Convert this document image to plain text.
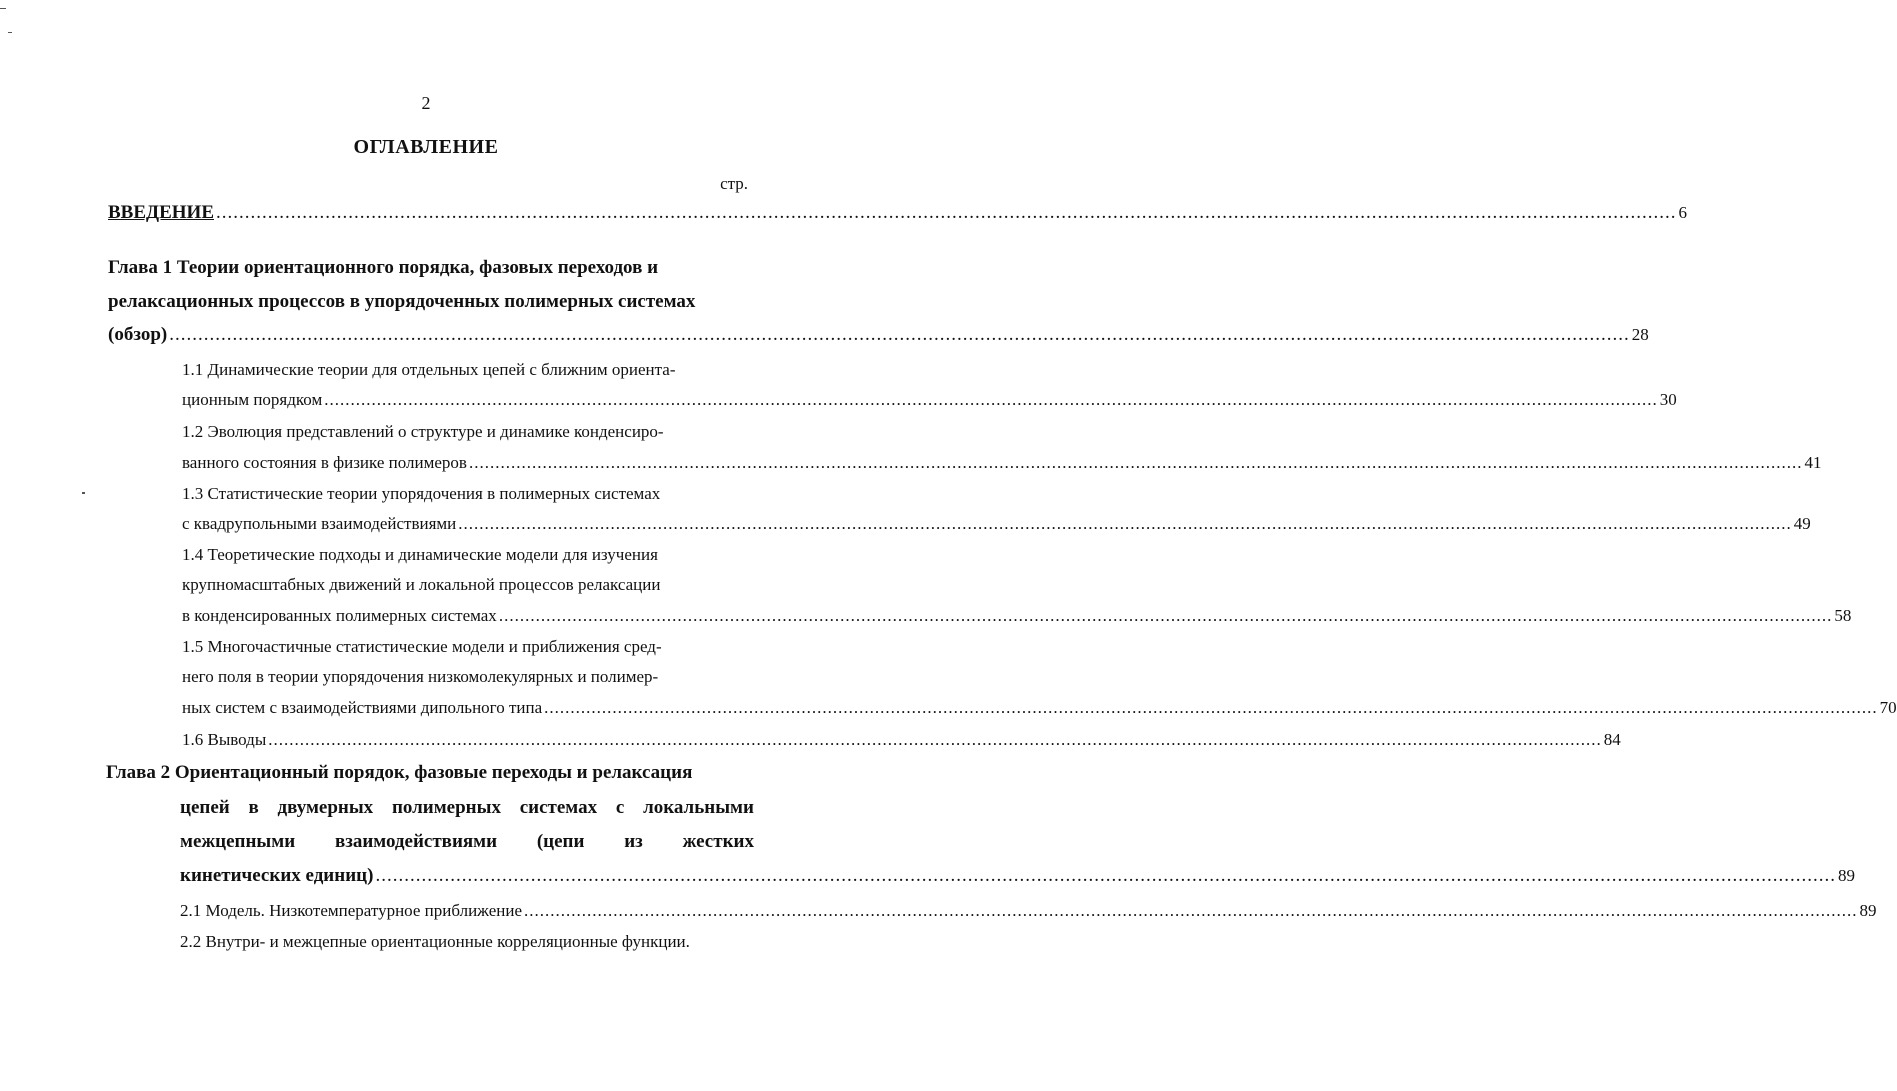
2
ОГЛАВЛЕНИЕ
стр.
ВВЕДЕНИЕ .............................................................................................................................................................................................................................................................. 6
Глава 1 Теории ориентационного порядка, фазовых переходов и
релаксационных процессов в упорядоченных полимерных системах
(обзор) .............................................................................................................................................................................................................................................................. 28
1.1 Динамические теории для отдельных цепей с ближним ориента-
ционным порядком .............................................................................................................................................................................................................................................................. 30
1.2 Эволюция представлений о структуре и динамике конденсиро-
ванного состояния в физике полимеров .............................................................................................................................................................................................................................................................. 41
1.3 Статистические теории упорядочения в полимерных системах
с квадрупольными взаимодействиями .............................................................................................................................................................................................................................................................. 49
1.4 Теоретические подходы и динамические модели для изучения
крупномасштабных движений и локальной процессов релаксации
в конденсированных полимерных системах .............................................................................................................................................................................................................................................................. 58
1.5 Многочастичные статистические модели и приближения сред-
него поля в теории упорядочения низкомолекулярных и полимер-
ных систем с взаимодействиями дипольного типа .............................................................................................................................................................................................................................................................. 70
1.6 Выводы .............................................................................................................................................................................................................................................................. 84
Глава 2 Ориентационный порядок, фазовые переходы и релаксация
цепей в двумерных полимерных системах с локальными
межцепными взаимодействиями (цепи из жестких
кинетических единиц) .............................................................................................................................................................................................................................................................. 89
2.1 Модель. Низкотемпературное приближение .............................................................................................................................................................................................................................................................. 89
2.2 Внутри- и межцепные ориентационные корреляционные функции.
